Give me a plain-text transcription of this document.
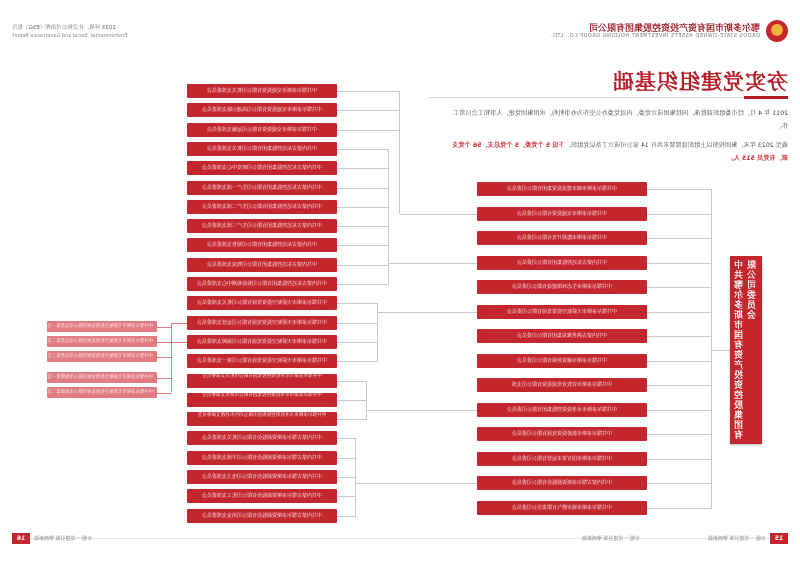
鄂尔多斯市国有资产投资控股集团有限公司
ORDOS STATE-OWNED ASSETS INVESTMENT HOLDING GROUP CO., LTD.
2023 环境、社会和公司治理（ESG）报告
Environmental, Social and Governance Report
夯实党建组织基础

2011 年 4 月，经市委组织部批准，国投集团成立党委，内设党委办公室作为办事机构，承担集团党建、人事和工会日常工作。

截至 2023 年末，集团按照以上组织设置要求共有 14 家公司成立了基层党组织，下设 5 个党委，5 个党总支，56 个党支部，有党员 515 人。

中共鄂尔多斯市国有资产投资控股集团有限公司委员会
中共鄂尔多斯市城市建设投资集团有限公司委员会
中共鄂尔多斯市交通投资有限公司委员会
中共鄂尔多斯市能源开发有限公司委员会
中共内蒙古东达控股集团有限公司委员会
中共鄂尔多斯市生态环境建设有限公司委员会
中共鄂尔多斯市天骄航空投资发展有限公司委员会
中共内蒙古满世煤炭集团有限公司委员会
中共鄂尔多斯市融资担保有限公司委员会
中共鄂尔多斯市农牧业发展投资有限公司支部
中共鄂尔多斯市水务投资控股集团有限公司委员会
中共鄂尔多斯市旅游投资发展有限公司委员会
中共鄂尔多斯市国有资本运营有限公司委员会
中共内蒙古鄂尔多斯资源股份有限公司委员会
中共鄂尔多斯市城市燃气有限责任公司委员会
中共鄂尔多斯市交通投资有限公司机关支部委员会
中共鄂尔多斯市交通投资有限公司高速公路支部委员会
中共鄂尔多斯市交通投资有限公司运输支部委员会
中共内蒙古东达控股集团有限公司机关支部委员会
中共内蒙古东达控股集团有限公司研发中心支部委员会
中共内蒙古东达控股集团有限公司生产一部支部委员会
中共内蒙古东达控股集团有限公司生产二部支部委员会
中共内蒙古东达控股集团有限公司生产三部支部委员会
中共内蒙古东达控股集团有限公司销售支部委员会
中共内蒙古东达控股集团有限公司物流支部委员会
中共内蒙古东达控股集团有限公司检验检测中心支部委员会
中共鄂尔多斯市天骄航空投资发展有限公司机关支部委员会
中共鄂尔多斯市天骄航空投资发展有限公司运营支部委员会
中共鄂尔多斯市天骄航空投资发展有限公司保障支部委员会
中共鄂尔多斯市天骄航空投资发展有限公司第一支部委员会
中共鄂尔多斯市水务投资控股集团有限公司机关支部委员会
中共鄂尔多斯市水务投资控股集团有限公司供水支部委员会
中共鄂尔多斯市水务投资控股集团有限公司污水处理支部委员会
中共内蒙古鄂尔多斯资源股份有限公司机关支部委员会
中共内蒙古鄂尔多斯资源股份有限公司羊绒支部委员会
中共内蒙古鄂尔多斯资源股份有限公司电力支部委员会
中共内蒙古鄂尔多斯资源股份有限公司化工支部委员会
中共内蒙古鄂尔多斯资源股份有限公司冶金支部委员会
中共鄂尔多斯市天骄航空投资发展有限公司运营第一支部委员会
中共鄂尔多斯市天骄航空投资发展有限公司运营第二支部委员会
中共鄂尔多斯市天骄航空投资发展有限公司运营第三支部委员会
中共鄂尔多斯市天骄航空投资发展有限公司保障第一支部委员会
中共鄂尔多斯市天骄航空投资发展有限公司保障第二支部委员会
15
专题一 党建引领 擘画新篇
专题一 党建引领 擘画新篇
专题一 党建引领 擘画新篇
16
